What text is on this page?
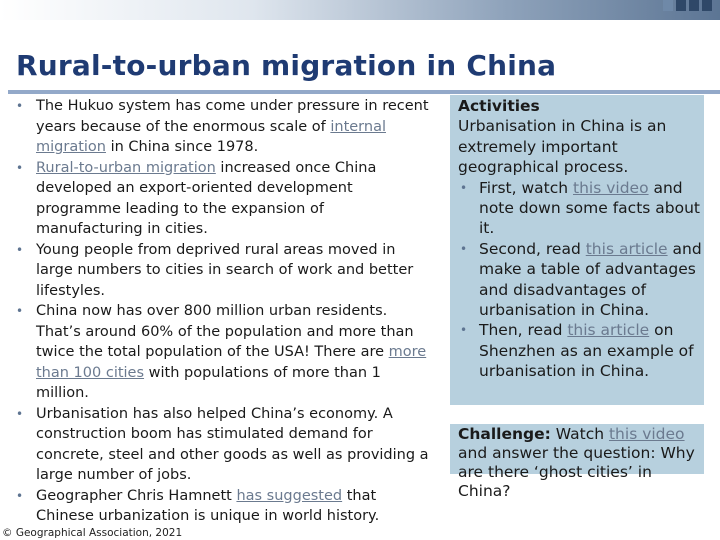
Rural-to-urban migration in China
• The Hukuo system has come under pressure in recent years because of the enormous scale of internal migration in China since 1978.
• Rural-to-urban migration increased once China developed an export-oriented development programme leading to the expansion of manufacturing in cities.
• Young people from deprived rural areas moved in large numbers to cities in search of work and better lifestyles.
• China now has over 800 million urban residents. That’s around 60% of the population and more than twice the total population of the USA! There are more than 100 cities with populations of more than 1 million.
• Urbanisation has also helped China’s economy. A construction boom has stimulated demand for concrete, steel and other goods as well as providing a large number of jobs.
• Geographer Chris Hamnett has suggested that Chinese urbanization is unique in world history.
Activities
Urbanisation in China is an extremely important geographical process.
• First, watch this video and note down some facts about it.
• Second, read this article and make a table of advantages and disadvantages of urbanisation in China.
• Then, read this article on Shenzhen as an example of urbanisation in China.
Challenge: Watch this video and answer the question: Why are there ‘ghost cities’ in China?
© Geographical Association, 2021
